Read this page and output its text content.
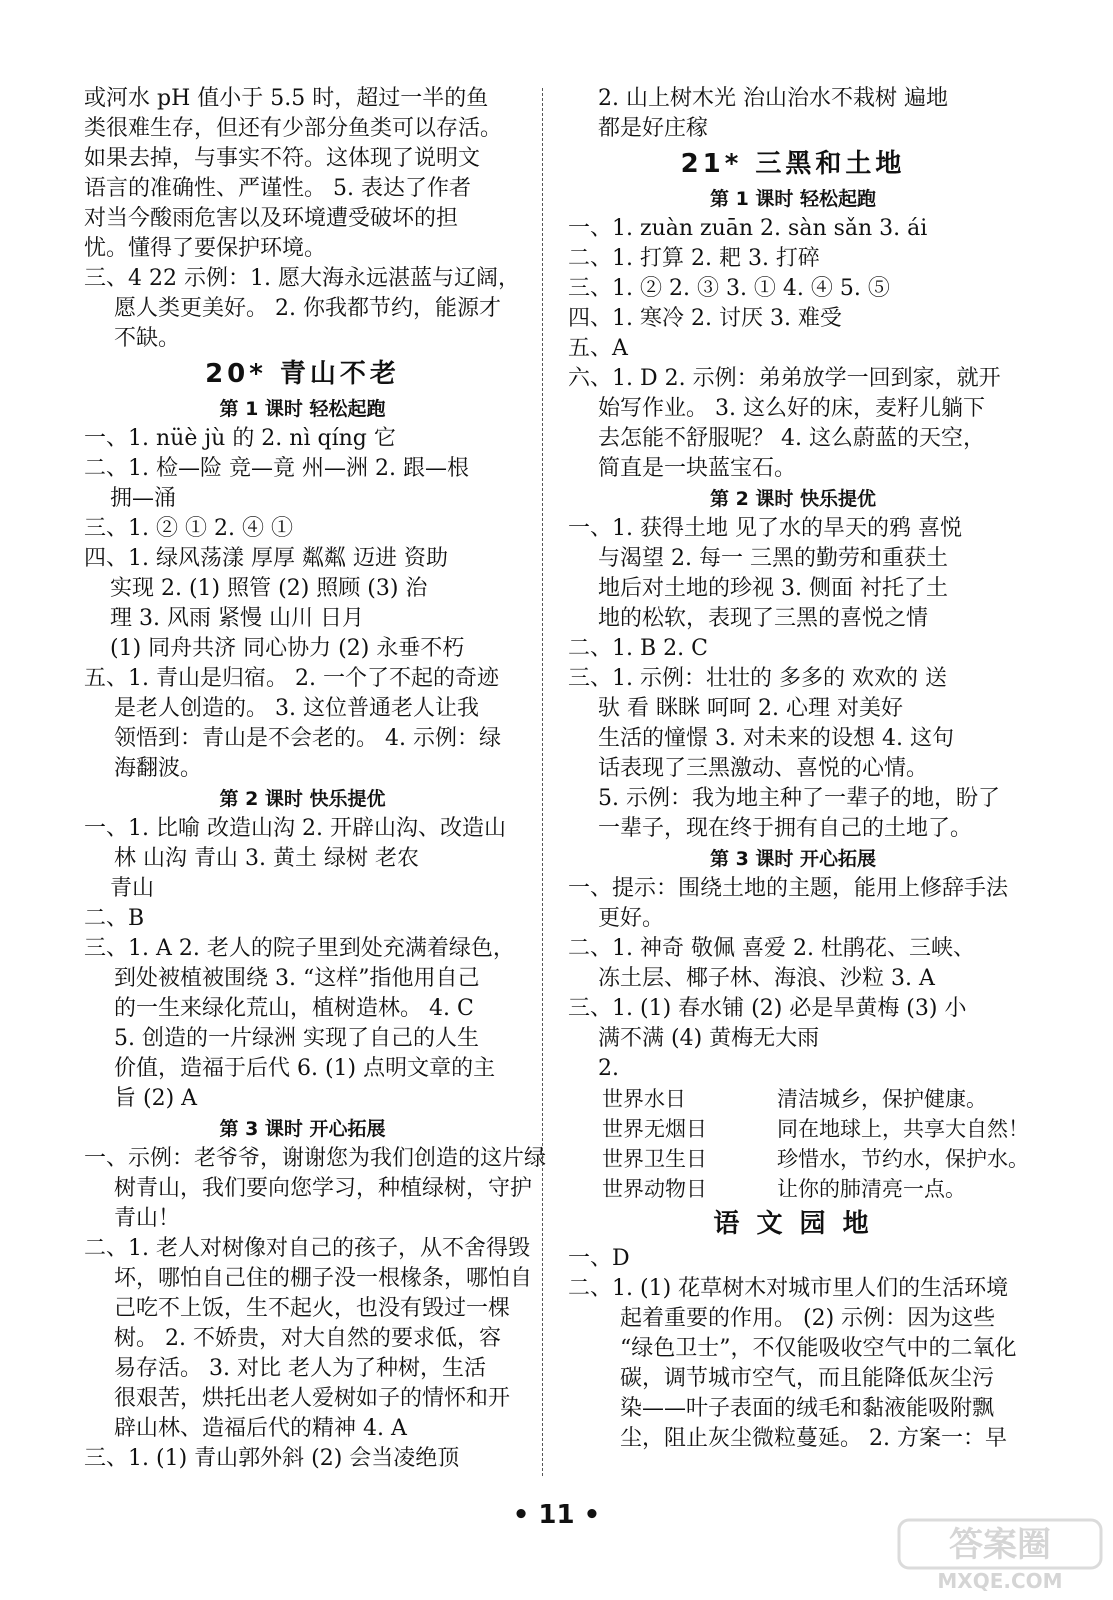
或河水 pH 值小于 5.5 时，超过一半的鱼
类很难生存，但还有少部分鱼类可以存活。
如果去掉，与事实不符。这体现了说明文
语言的准确性、严谨性。 5. 表达了作者
对当今酸雨危害以及环境遭受破坏的担
忧。懂得了要保护环境。
三、4 22 示例：1. 愿大海永远湛蓝与辽阔，
愿人类更美好。 2. 你我都节约，能源才
不缺。
20* 青山不老
第 1 课时 轻松起跑
一、1. nüè jù 的 2. nì qíng 它
二、1. 检—险 竞—竟 州—洲 2. 跟—根
拥—涌
三、1. ② ① 2. ④ ①
四、1. 绿风荡漾 厚厚 粼粼 迈进 资助
实现 2. (1) 照管 (2) 照顾 (3) 治
理 3. 风雨 紧慢 山川 日月
(1) 同舟共济 同心协力 (2) 永垂不朽
五、1. 青山是归宿。 2. 一个了不起的奇迹
是老人创造的。 3. 这位普通老人让我
领悟到：青山是不会老的。 4. 示例：绿
海翻波。
第 2 课时 快乐提优
一、1. 比喻 改造山沟 2. 开辟山沟、改造山
林 山沟 青山 3. 黄土 绿树 老农
青山
二、B
三、1. A 2. 老人的院子里到处充满着绿色，
到处被植被围绕 3. “这样”指他用自己
的一生来绿化荒山，植树造林。 4. C
5. 创造的一片绿洲 实现了自己的人生
价值，造福于后代 6. (1) 点明文章的主
旨 (2) A
第 3 课时 开心拓展
一、示例：老爷爷，谢谢您为我们创造的这片绿
树青山，我们要向您学习，种植绿树，守护
青山！
二、1. 老人对树像对自己的孩子，从不舍得毁
坏，哪怕自己住的棚子没一根椽条，哪怕自
己吃不上饭，生不起火，也没有毁过一棵
树。 2. 不娇贵，对大自然的要求低，容
易存活。 3. 对比 老人为了种树，生活
很艰苦，烘托出老人爱树如子的情怀和开
辟山林、造福后代的精神 4. A
三、1. (1) 青山郭外斜 (2) 会当凌绝顶
2. 山上树木光 治山治水不栽树 遍地
都是好庄稼
21* 三黑和土地
第 1 课时 轻松起跑
一、1. zuàn zuān 2. sàn sǎn 3. ái
二、1. 打算 2. 耙 3. 打碎
三、1. ② 2. ③ 3. ① 4. ④ 5. ⑤
四、1. 寒冷 2. 讨厌 3. 难受
五、A
六、1. D 2. 示例：弟弟放学一回到家，就开
始写作业。 3. 这么好的床，麦籽儿躺下
去怎能不舒服呢？ 4. 这么蔚蓝的天空，
简直是一块蓝宝石。
第 2 课时 快乐提优
一、1. 获得土地 见了水的旱天的鸦 喜悦
与渴望 2. 每一 三黑的勤劳和重获土
地后对土地的珍视 3. 侧面 衬托了土
地的松软，表现了三黑的喜悦之情
二、1. B 2. C
三、1. 示例：壮壮的 多多的 欢欢的 送
驮 看 眯眯 呵呵 2. 心理 对美好
生活的憧憬 3. 对未来的设想 4. 这句
话表现了三黑激动、喜悦的心情。
5. 示例：我为地主种了一辈子的地，盼了
一辈子，现在终于拥有自己的土地了。
第 3 课时 开心拓展
一、提示：围绕土地的主题，能用上修辞手法
更好。
二、1. 神奇 敬佩 喜爱 2. 杜鹃花、三峡、
冻土层、椰子林、海浪、沙粒 3. A
三、1. (1) 春水铺 (2) 必是旱黄梅 (3) 小
满不满 (4) 黄梅无大雨
2.
世界水日	清洁城乡，保护健康。
世界无烟日	同在地球上，共享大自然！
世界卫生日	珍惜水，节约水，保护水。
世界动物日	让你的肺清亮一点。
语 文 园 地
一、D
二、1. (1) 花草树木对城市里人们的生活环境
起着重要的作用。 (2) 示例：因为这些
“绿色卫士”，不仅能吸收空气中的二氧化
碳，调节城市空气，而且能降低灰尘污
染——叶子表面的绒毛和黏液能吸附飘
尘，阻止灰尘微粒蔓延。 2. 方案一：早
• 11 •
答案圈
MXQE.COM
